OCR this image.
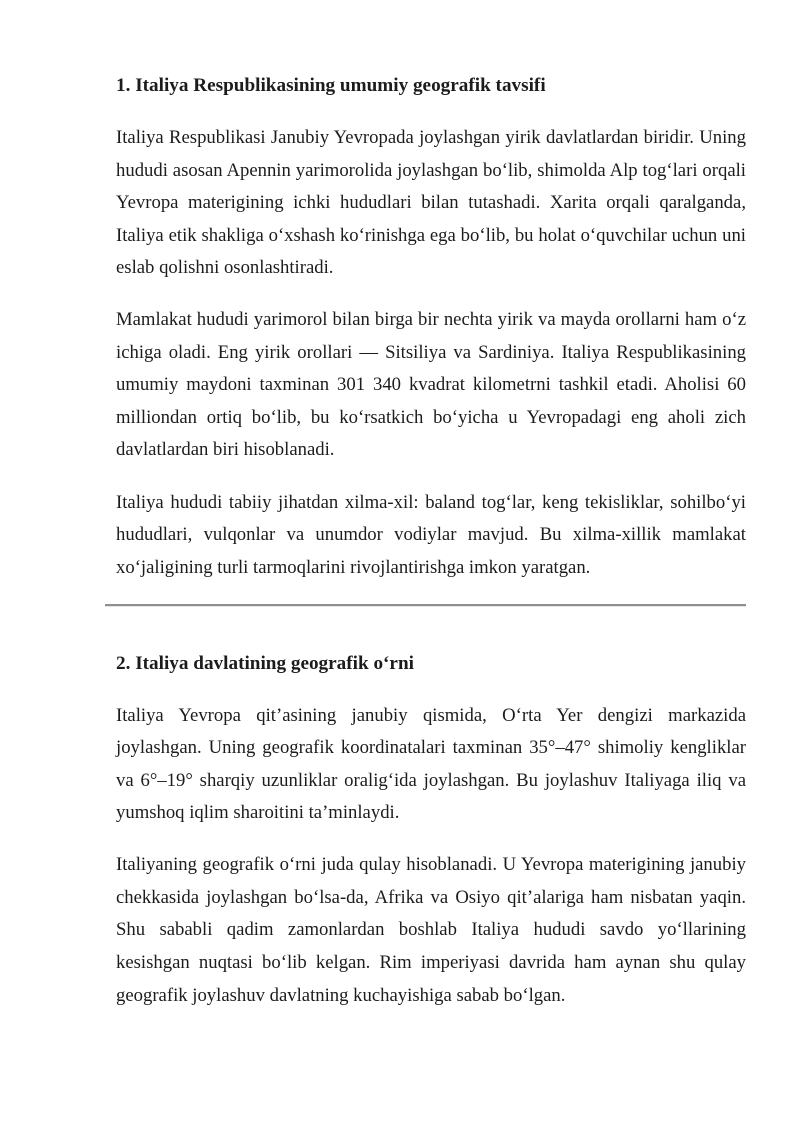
1. Italiya Respublikasining umumiy geografik tavsifi

Italiya Respublikasi Janubiy Yevropada joylashgan yirik davlatlardan biridir. Uning hududi asosan Apennin yarimorolida joylashgan bo‘lib, shimolda Alp tog‘lari orqali Yevropa materigining ichki hududlari bilan tutashadi. Xarita orqali qaralganda, Italiya etik shakliga o‘xshash ko‘rinishga ega bo‘lib, bu holat o‘quvchilar uchun uni eslab qolishni osonlashtiradi.

Mamlakat hududi yarimorol bilan birga bir nechta yirik va mayda orollarni ham o‘z ichiga oladi. Eng yirik orollari — Sitsiliya va Sardiniya. Italiya Respublikasining umumiy maydoni taxminan 301 340 kvadrat kilometrni tashkil etadi. Aholisi 60 milliondan ortiq bo‘lib, bu ko‘rsatkich bo‘yicha u Yevropadagi eng aholi zich davlatlardan biri hisoblanadi.

Italiya hududi tabiiy jihatdan xilma-xil: baland tog‘lar, keng tekisliklar, sohilbo‘yi hududlari, vulqonlar va unumdor vodiylar mavjud. Bu xilma-xillik mamlakat xo‘jaligining turli tarmoqlarini rivojlantirishga imkon yaratgan.

2. Italiya davlatining geografik o‘rni

Italiya Yevropa qit’asining janubiy qismida, O‘rta Yer dengizi markazida joylashgan. Uning geografik koordinatalari taxminan 35°–47° shimoliy kengliklar va 6°–19° sharqiy uzunliklar oralig‘ida joylashgan. Bu joylashuv Italiyaga iliq va yumshoq iqlim sharoitini ta’minlaydi.

Italiyaning geografik o‘rni juda qulay hisoblanadi. U Yevropa materigining janubiy chekkasida joylashgan bo‘lsa-da, Afrika va Osiyo qit’alariga ham nisbatan yaqin. Shu sababli qadim zamonlardan boshlab Italiya hududi savdo yo‘llarining kesishgan nuqtasi bo‘lib kelgan. Rim imperiyasi davrida ham aynan shu qulay geografik joylashuv davlatning kuchayishiga sabab bo‘lgan.
